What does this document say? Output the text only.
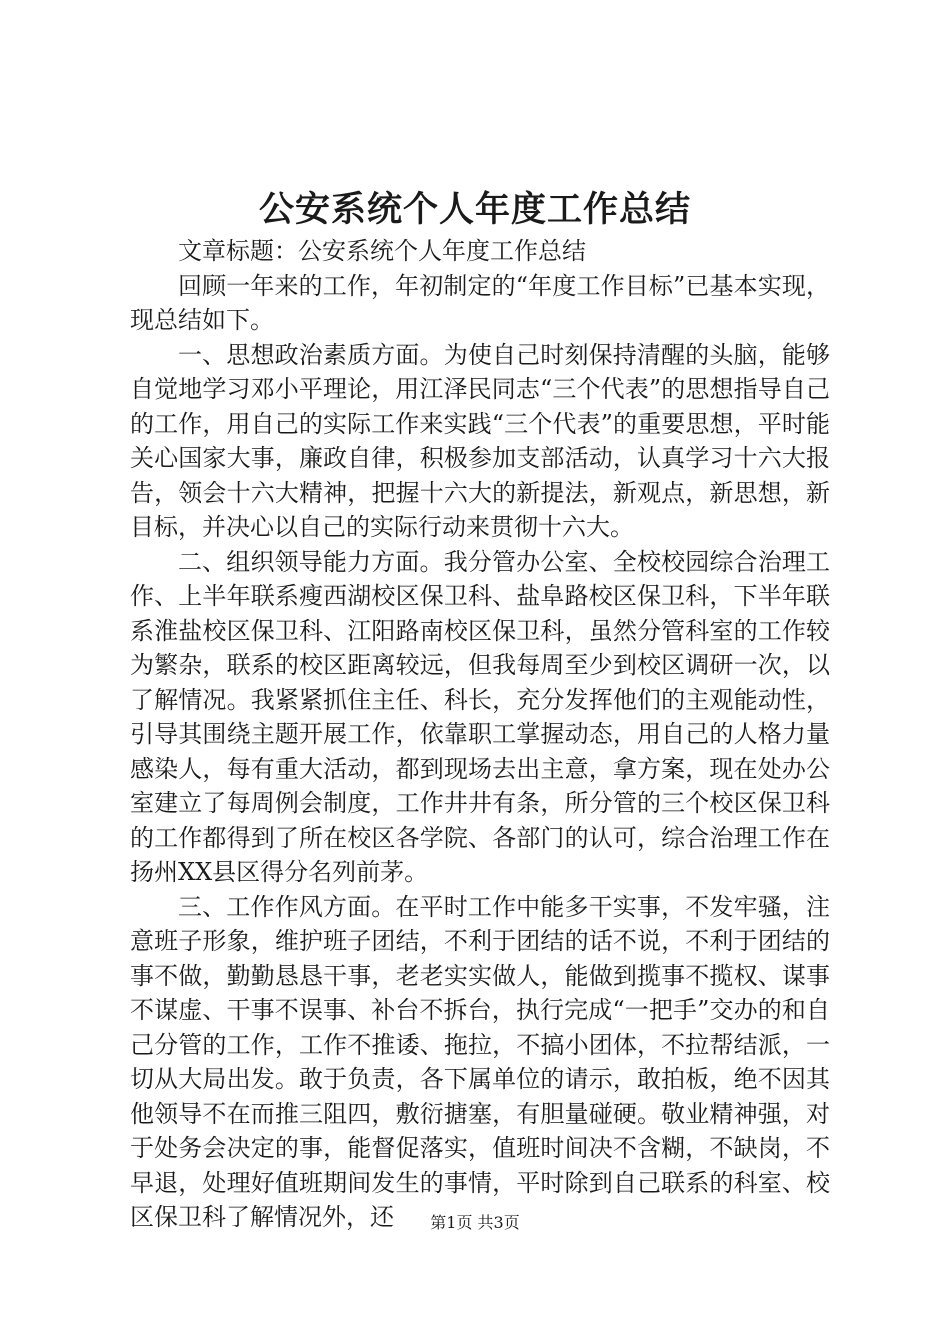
公安系统个人年度工作总结

文章标题：公安系统个人年度工作总结

回顾一年来的工作，年初制定的“年度工作目标”已基本实现，现总结如下。

一、思想政治素质方面。为使自己时刻保持清醒的头脑，能够自觉地学习邓小平理论，用江泽民同志“三个代表”的思想指导自己的工作，用自己的实际工作来实践“三个代表”的重要思想，平时能关心国家大事，廉政自律，积极参加支部活动，认真学习十六大报告，领会十六大精神，把握十六大的新提法，新观点，新思想，新目标，并决心以自己的实际行动来贯彻十六大。

二、组织领导能力方面。我分管办公室、全校校园综合治理工作、上半年联系瘦西湖校区保卫科、盐阜路校区保卫科，下半年联系淮盐校区保卫科、江阳路南校区保卫科，虽然分管科室的工作较为繁杂，联系的校区距离较远，但我每周至少到校区调研一次，以了解情况。我紧紧抓住主任、科长，充分发挥他们的主观能动性，引导其围绕主题开展工作，依靠职工掌握动态，用自己的人格力量感染人，每有重大活动，都到现场去出主意，拿方案，现在处办公室建立了每周例会制度，工作井井有条，所分管的三个校区保卫科的工作都得到了所在校区各学院、各部门的认可，综合治理工作在扬州XX县区得分名列前茅。

三、工作作风方面。在平时工作中能多干实事，不发牢骚，注意班子形象，维护班子团结，不利于团结的话不说，不利于团结的事不做，勤勤恳恳干事，老老实实做人，能做到揽事不揽权、谋事不谋虚、干事不误事、补台不拆台，执行完成“一把手”交办的和自己分管的工作，工作不推诿、拖拉，不搞小团体，不拉帮结派，一切从大局出发。敢于负责，各下属单位的请示，敢拍板，绝不因其他领导不在而推三阻四，敷衍搪塞，有胆量碰硬。敬业精神强，对于处务会决定的事，能督促落实，值班时间决不含糊，不缺岗，不早退，处理好值班期间发生的事情，平时除到自己联系的科室、校区保卫科了解情况外，还	第1页 共3页
